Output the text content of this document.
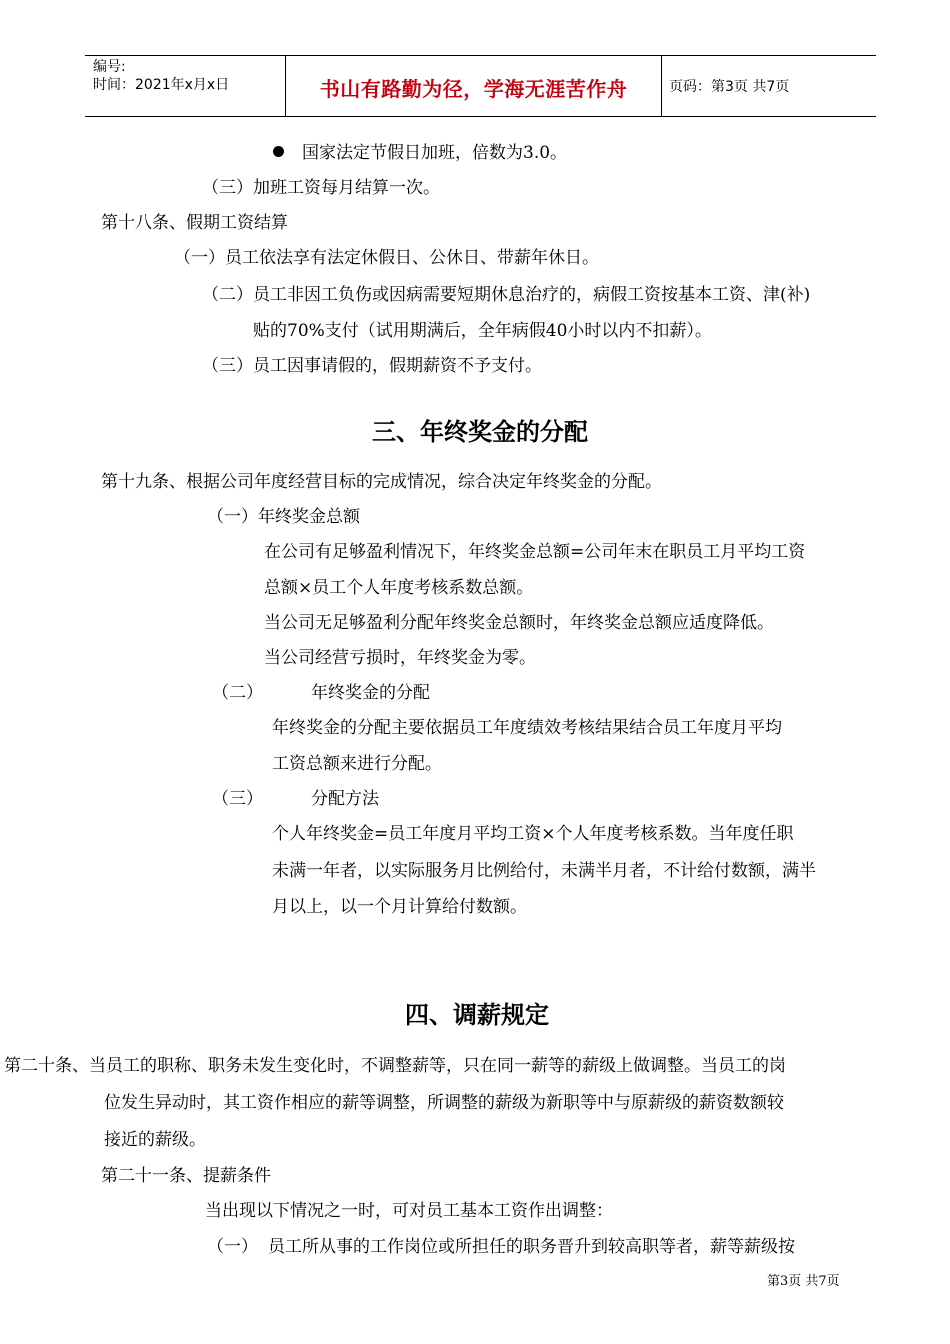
编号:
时间：2021年x月x日	书山有路勤为径，学海无涯苦作舟	页码：第3页 共7页
国家法定节假日加班，倍数为3.0。
（三）加班工资每月结算一次。
第十八条、假期工资结算
（一）员工依法享有法定休假日、公休日、带薪年休日。
（二）员工非因工负伤或因病需要短期休息治疗的，病假工资按基本工资、津(补)
贴的70%支付（试用期满后，全年病假40小时以内不扣薪）。
（三）员工因事请假的，假期薪资不予支付。
三、年终奖金的分配
第十九条、根据公司年度经营目标的完成情况，综合决定年终奖金的分配。
（一）年终奖金总额
在公司有足够盈利情况下，年终奖金总额=公司年末在职员工月平均工资
总额×员工个人年度考核系数总额。
当公司无足够盈利分配年终奖金总额时，年终奖金总额应适度降低。
当公司经营亏损时，年终奖金为零。
（二）	年终奖金的分配
年终奖金的分配主要依据员工年度绩效考核结果结合员工年度月平均
工资总额来进行分配。
（三）	分配方法
个人年终奖金=员工年度月平均工资×个人年度考核系数。当年度任职
未满一年者，以实际服务月比例给付，未满半月者，不计给付数额，满半
月以上，以一个月计算给付数额。
四、调薪规定
第二十条、当员工的职称、职务未发生变化时，不调整薪等，只在同一薪等的薪级上做调整。当员工的岗
位发生异动时，其工资作相应的薪等调整，所调整的薪级为新职等中与原薪级的薪资数额较
接近的薪级。
第二十一条、提薪条件
当出现以下情况之一时，可对员工基本工资作出调整：
（一） 员工所从事的工作岗位或所担任的职务晋升到较高职等者，薪等薪级按
第3页 共7页
